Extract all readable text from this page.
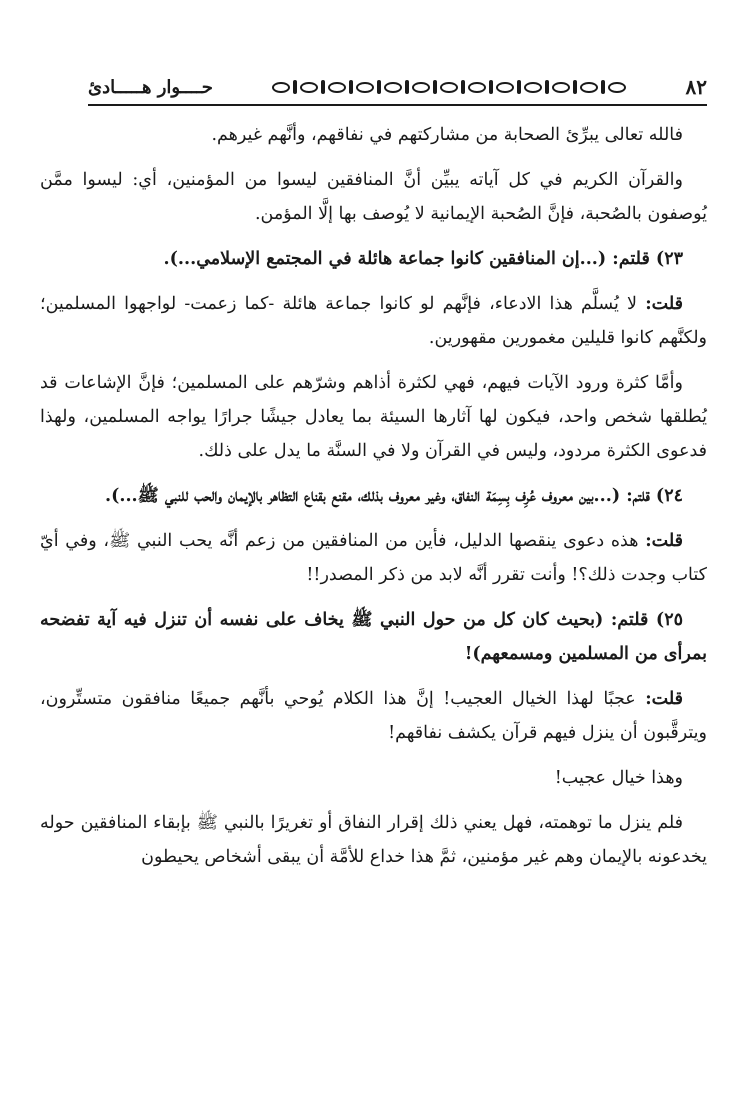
٨٢
حــــوار هـــــادئ

فالله تعالى يبرِّئ الصحابة من مشاركتهم في نفاقهم، وأنَّهم غيرهم.

والقرآن الكريم في كل آياته يبيِّن أنَّ المنافقين ليسوا من المؤمنين، أي: ليسوا ممَّن يُوصفون بالصُحبة، فإنَّ الصُحبة الإيمانية لا يُوصف بها إلَّا المؤمن.

٢٣) قلتم: (...إن المنافقين كانوا جماعة هائلة في المجتمع الإسلامي...).

قلت: لا يُسلَّم هذا الادعاء، فإنَّهم لو كانوا جماعة هائلة -كما زعمت- لواجهوا المسلمين؛ ولكنَّهم كانوا قليلين مغمورين مقهورين.

وأمَّا كثرة ورود الآيات فيهم، فهي لكثرة أذاهم وشرّهم على المسلمين؛ فإنَّ الإشاعات قد يُطلقها شخص واحد، فيكون لها آثارها السيئة بما يعادل جيشًا جرارًا يواجه المسلمين، ولهذا فدعوى الكثرة مردود، وليس في القرآن ولا في السنَّة ما يدل على ذلك.

٢٤) قلتم: (...بين معروف عُرِف بِسِمَة النفاق، وغير معروف بذلك، مقنع بقناع التظاهر بالإيمان والحب للنبي ﷺ...).

قلت: هذه دعوى ينقصها الدليل، فأين من المنافقين من زعم أنَّه يحب النبي ﷺ، وفي أيّ كتاب وجدت ذلك؟! وأنت تقرر أنَّه لابد من ذكر المصدر!!

٢٥) قلتم: (بحيث كان كل من حول النبي ﷺ يخاف على نفسه أن تنزل فيه آية تفضحه بمرأى من المسلمين ومسمعهم)!

قلت: عجبًا لهذا الخيال العجيب! إنَّ هذا الكلام يُوحي بأنَّهم جميعًا منافقون متستِّرون، ويترقَّبون أن ينزل فيهم قرآن يكشف نفاقهم!

وهذا خيال عجيب!

فلم ينزل ما توهمته، فهل يعني ذلك إقرار النفاق أو تغريرًا بالنبي ﷺ بإبقاء المنافقين حوله يخدعونه بالإيمان وهم غير مؤمنين، ثمَّ هذا خداع للأمَّة أن يبقى أشخاص يحيطون
